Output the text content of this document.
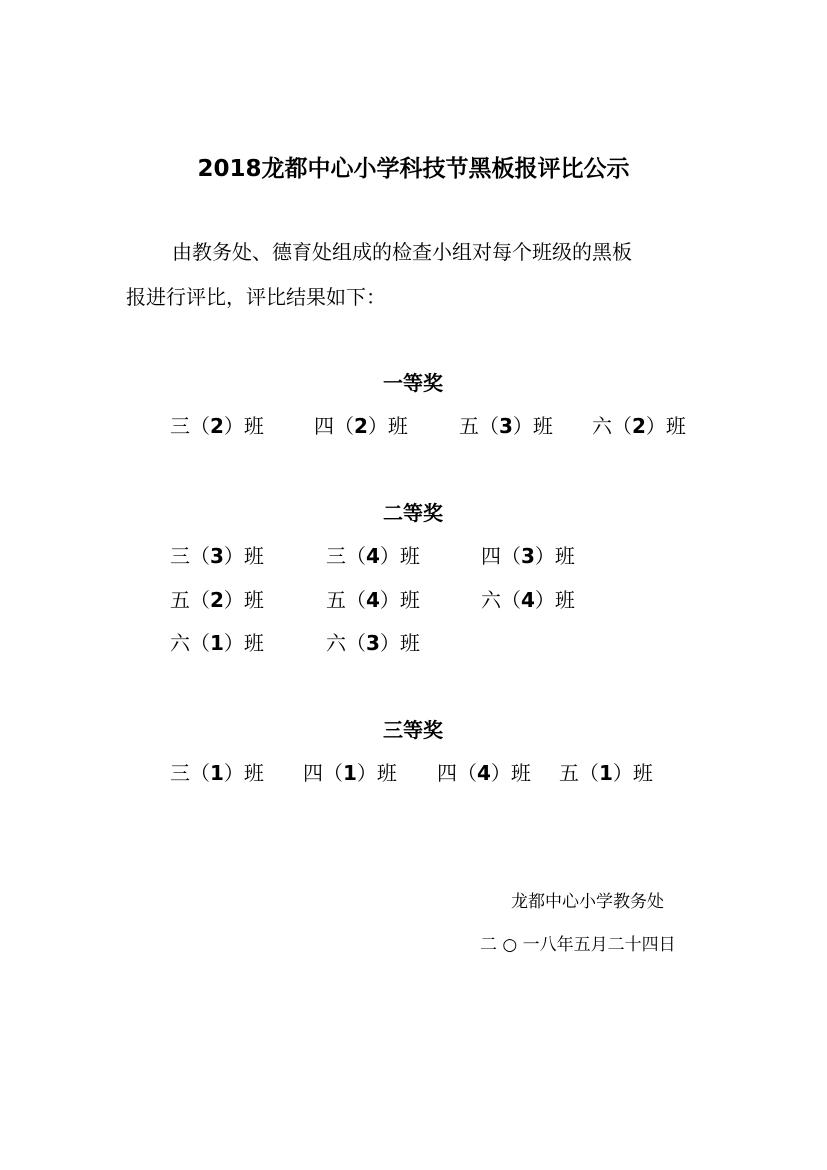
2018龙都中心小学科技节黑板报评比公示
由教务处、德育处组成的检查小组对每个班级的黑板
报进行评比，评比结果如下：
一等奖
三（2）班	四（2）班	五（3）班 六（2）班
二等奖
三（3）班	三（4）班	四（3）班
五（2）班	五（4）班	六（4）班
六（1）班	六（3）班
三等奖
三（1）班 四（1）班 四（4）班 五（1）班
龙都中心小学教务处
二 ○ 一八年五月二十四日
